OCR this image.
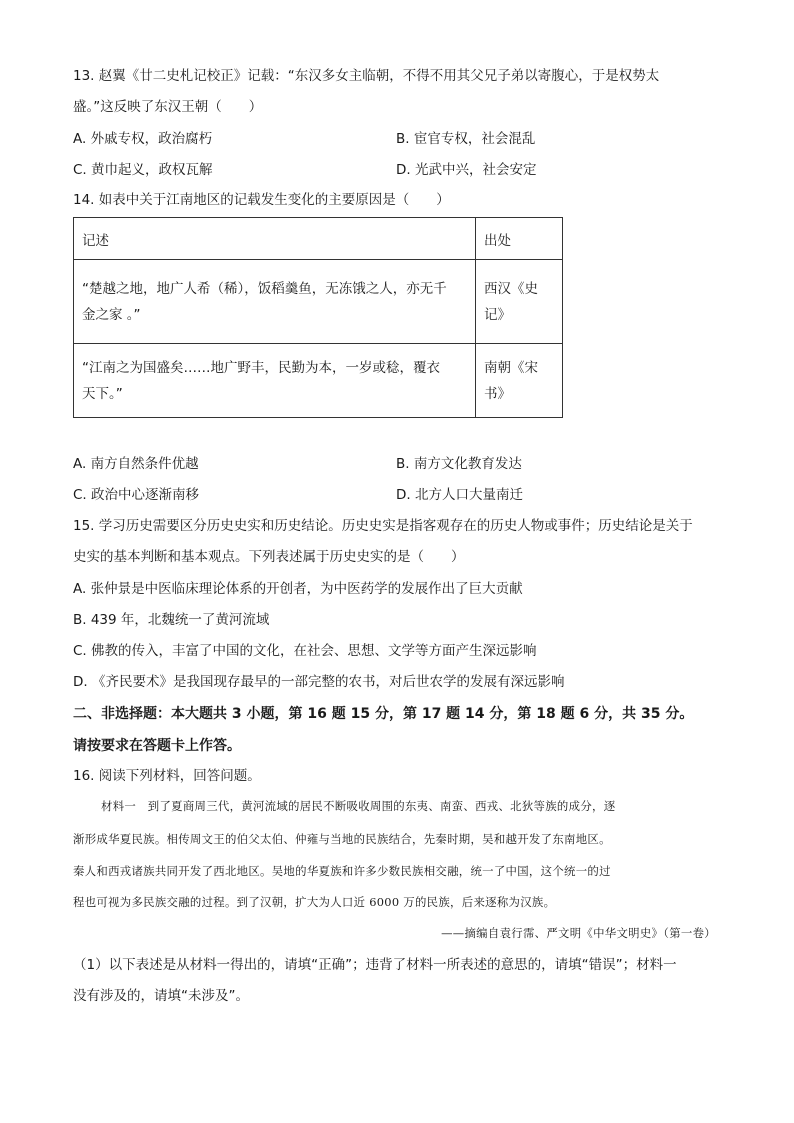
13. 赵翼《廿二史札记校正》记载：“东汉多女主临朝，不得不用其父兄子弟以寄腹心，于是权势太
盛。”这反映了东汉王朝（　　）
A. 外戚专权，政治腐朽	B. 宦官专权，社会混乱
C. 黄巾起义，政权瓦解	D. 光武中兴，社会安定
14. 如表中关于江南地区的记载发生变化的主要原因是（　　）
记述	出处

“楚越之地，地广人希（稀），饭稻羹鱼，无冻饿之人，亦无千
金之家 。”	西汉《史
记》

“江南之为国盛矣……地广野丰，民勤为本，一岁或稔，覆衣
天下。”	南朝《宋
书》
A. 南方自然条件优越	B. 南方文化教育发达
C. 政治中心逐渐南移	D. 北方人口大量南迁
15. 学习历史需要区分历史史实和历史结论。历史史实是指客观存在的历史人物或事件；历史结论是关于
史实的基本判断和基本观点。下列表述属于历史史实的是（　　）
A. 张仲景是中医临床理论体系的开创者，为中医药学的发展作出了巨大贡献
B. 439 年，北魏统一了黄河流域
C. 佛教的传入，丰富了中国的文化，在社会、思想、文学等方面产生深远影响
D. 《齐民要术》是我国现存最早的一部完整的农书，对后世农学的发展有深远影响
二、非选择题：本大题共 3 小题，第 16 题 15 分，第 17 题 14 分，第 18 题 6 分，共 35 分。
请按要求在答题卡上作答。
16. 阅读下列材料，回答问题。
材料一　到了夏商周三代，黄河流域的居民不断吸收周围的东夷、南蛮、西戎、北狄等族的成分，逐
渐形成华夏民族。相传周文王的伯父太伯、仲雍与当地的民族结合，先秦时期，吴和越开发了东南地区。
秦人和西戎诸族共同开发了西北地区。吴地的华夏族和许多少数民族相交融，统一了中国，这个统一的过
程也可视为多民族交融的过程。到了汉朝，扩大为人口近 6000 万的民族，后来逐称为汉族。
——摘编自袁行霈、严文明《中华文明史》（第一卷）
（1）以下表述是从材料一得出的，请填“正确”；违背了材料一所表述的意思的，请填“错误”；材料一
没有涉及的，请填“未涉及”。
